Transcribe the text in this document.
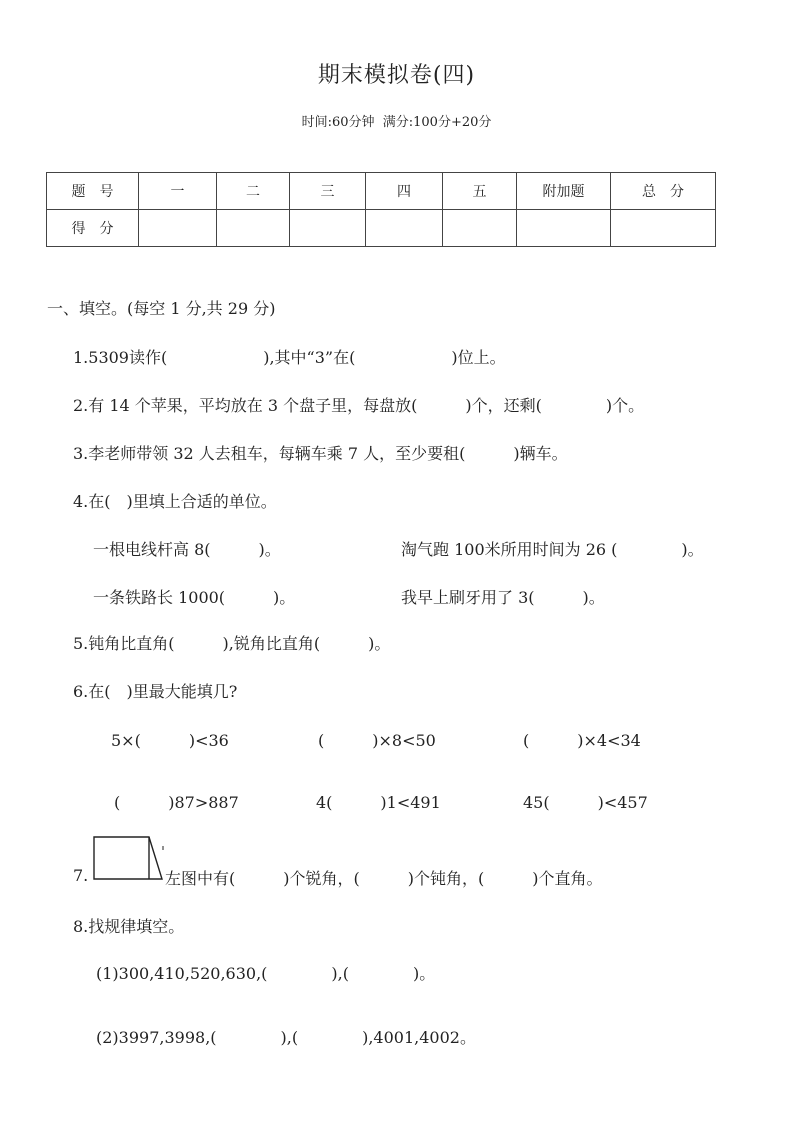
期末模拟卷(四)
时间:60分钟  满分:100分+20分
题　号	一	二	三	四	五	附加题	总　分
得　分							
一、填空。(每空 1 分,共 29 分)
1.5309读作(　　　　　　),其中“3”在(　　　　　　)位上。
2.有 14 个苹果，平均放在 3 个盘子里，每盘放(　　　)个，还剩(　　　　)个。
3.李老师带领 32 人去租车，每辆车乘 7 人，至少要租(　　　)辆车。
4.在(　)里填上合适的单位。
一根电线杆高 8(　　　)。	淘气跑 100米所用时间为 26 (　　　　)。
一条铁路长 1000(　　　)。	我早上刷牙用了 3(　　　)。
5.钝角比直角(　　　),锐角比直角(　　　)。
6.在(　)里最大能填几?
5×(　　　)<36	(　　　)×8<50	(　　　)×4<34
(　　　)87>887	4(　　　)1<491	45(　　　)<457
7.	左图中有(　　　)个锐角，(　　　)个钝角，(　　　)个直角。
8.找规律填空。
(1)300,410,520,630,(　　　　),(　　　　)。
(2)3997,3998,(　　　　),(　　　　),4001,4002。
